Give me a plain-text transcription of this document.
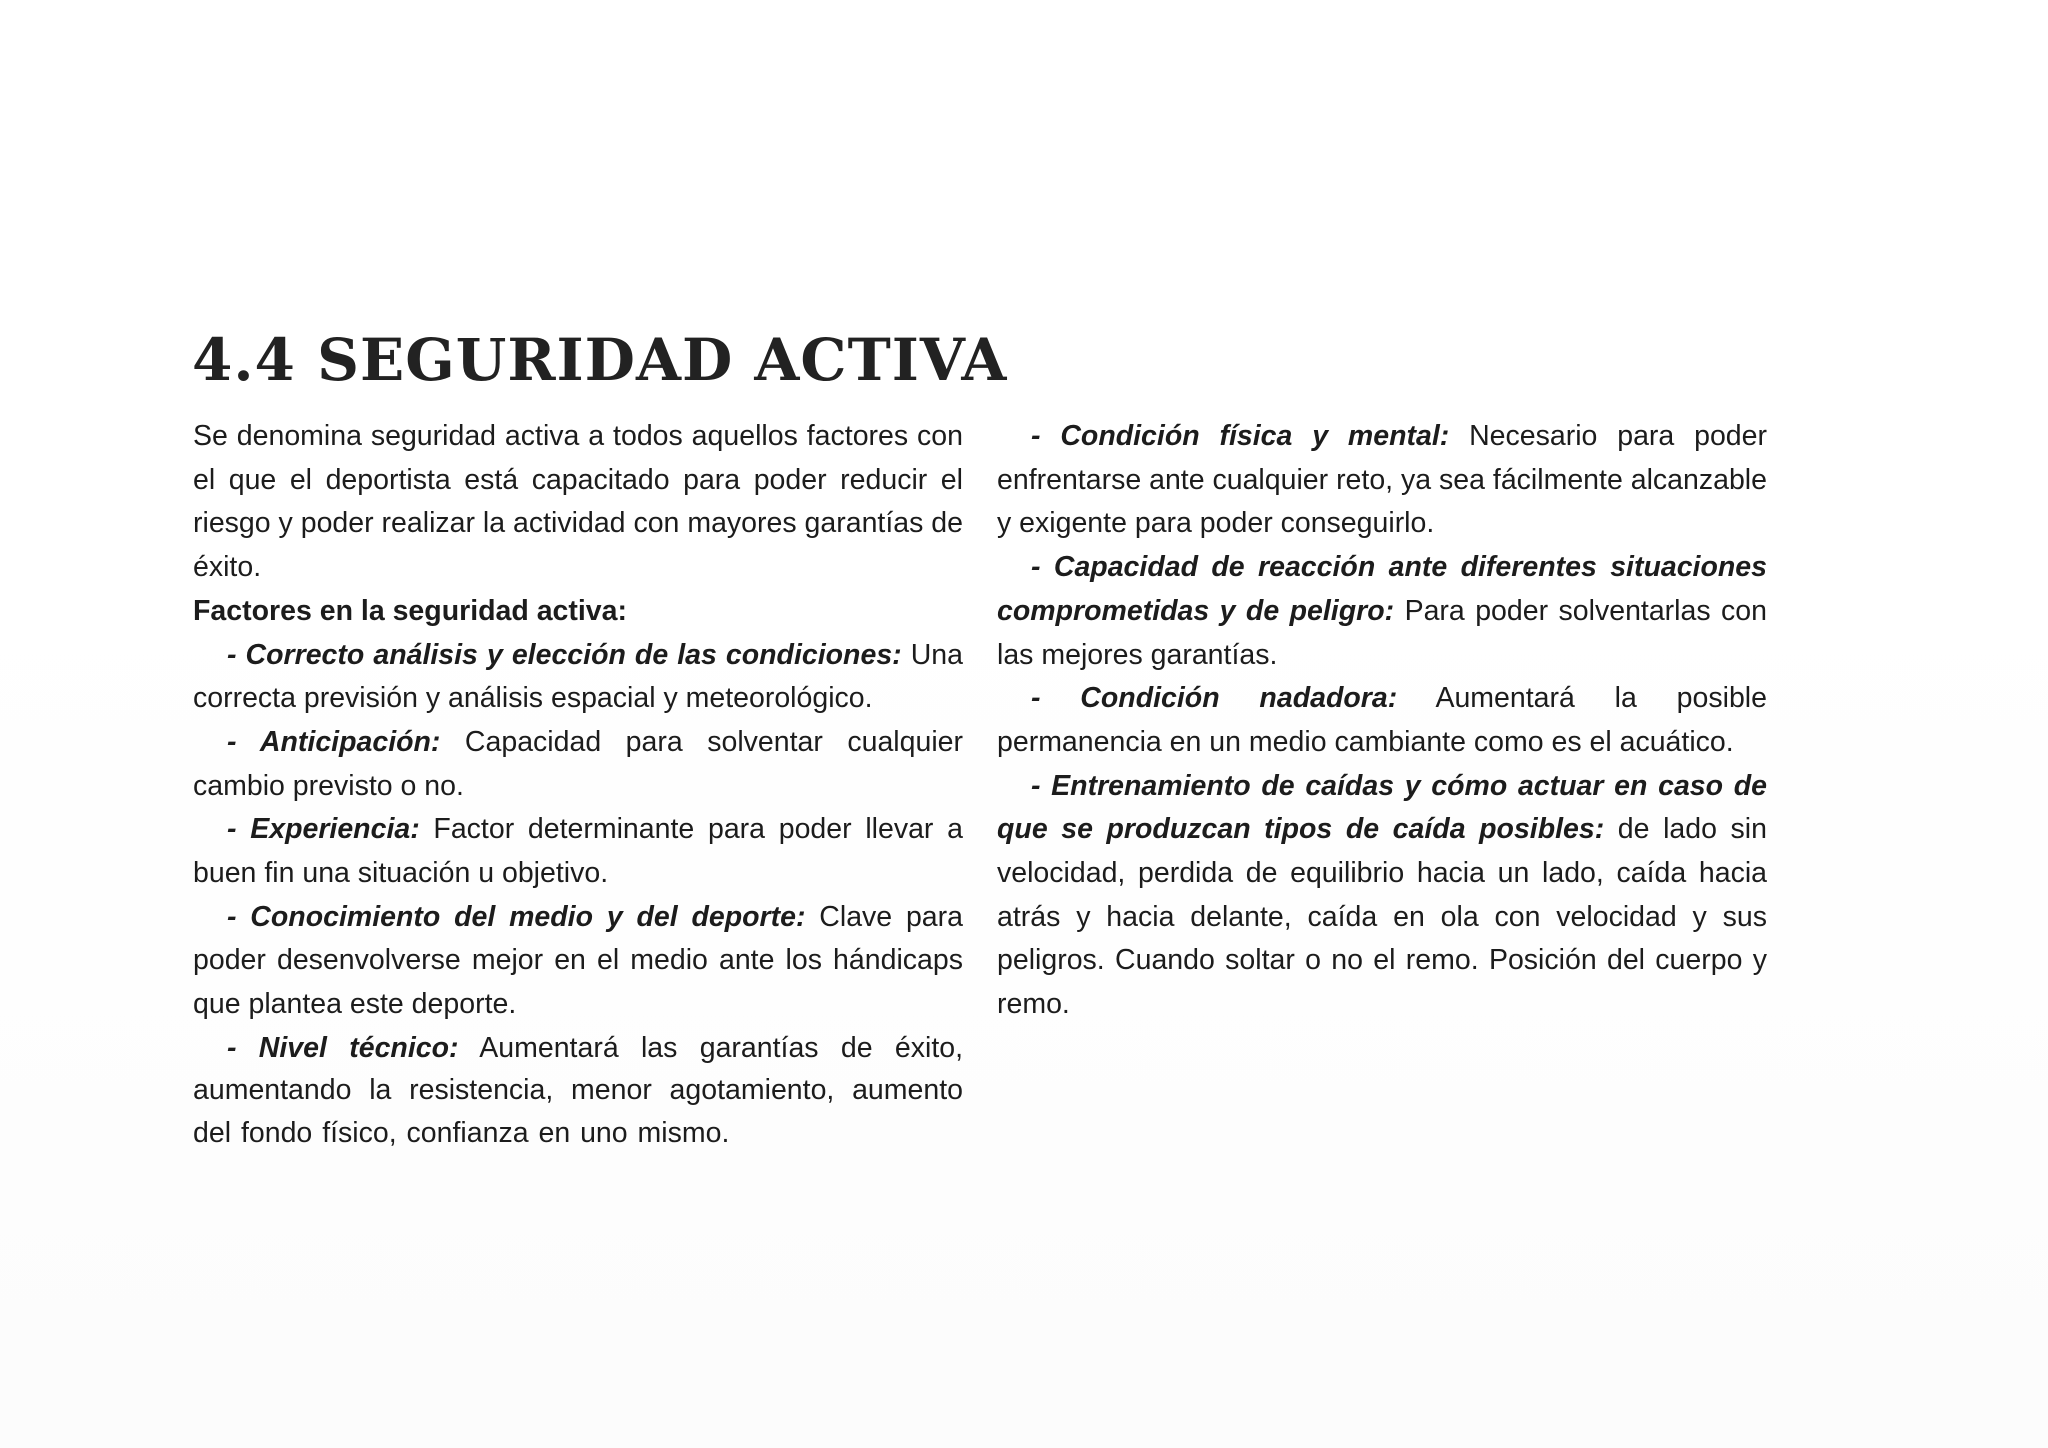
4.4 SEGURIDAD ACTIVA

Se denomina seguridad activa a todos aquellos factores con el que el deportista está capacitado para poder reducir el riesgo y poder realizar la actividad con mayores garantías de éxito.

Factores en la seguridad activa:

- Correcto análisis y elección de las condiciones: Una correcta previsión y análisis espacial y meteorológico.

- Anticipación: Capacidad para solventar cualquier cambio previsto o no.

- Experiencia: Factor determinante para poder llevar a buen fin una situación u objetivo.

- Conocimiento del medio y del deporte: Clave para poder desenvolverse mejor en el medio ante los hándicaps que plantea este deporte.

- Nivel técnico: Aumentará las garantías de éxito, aumentando la resistencia, menor agotamiento, aumento del fondo físico, confianza en uno mismo.

- Condición física y mental: Necesario para poder enfrentarse ante cualquier reto, ya sea fácilmente alcanzable y exigente para poder conseguirlo.

- Capacidad de reacción ante diferentes situaciones comprometidas y de peligro: Para poder solventarlas con las mejores garantías.

- Condición nadadora: Aumentará la posible permanencia en un medio cambiante como es el acuático.

- Entrenamiento de caídas y cómo actuar en caso de que se produzcan tipos de caída posibles: de lado sin velocidad, perdida de equilibrio hacia un lado, caída hacia atrás y hacia delante, caída en ola con velocidad y sus peligros. Cuando soltar o no el remo. Posición del cuerpo y remo.
